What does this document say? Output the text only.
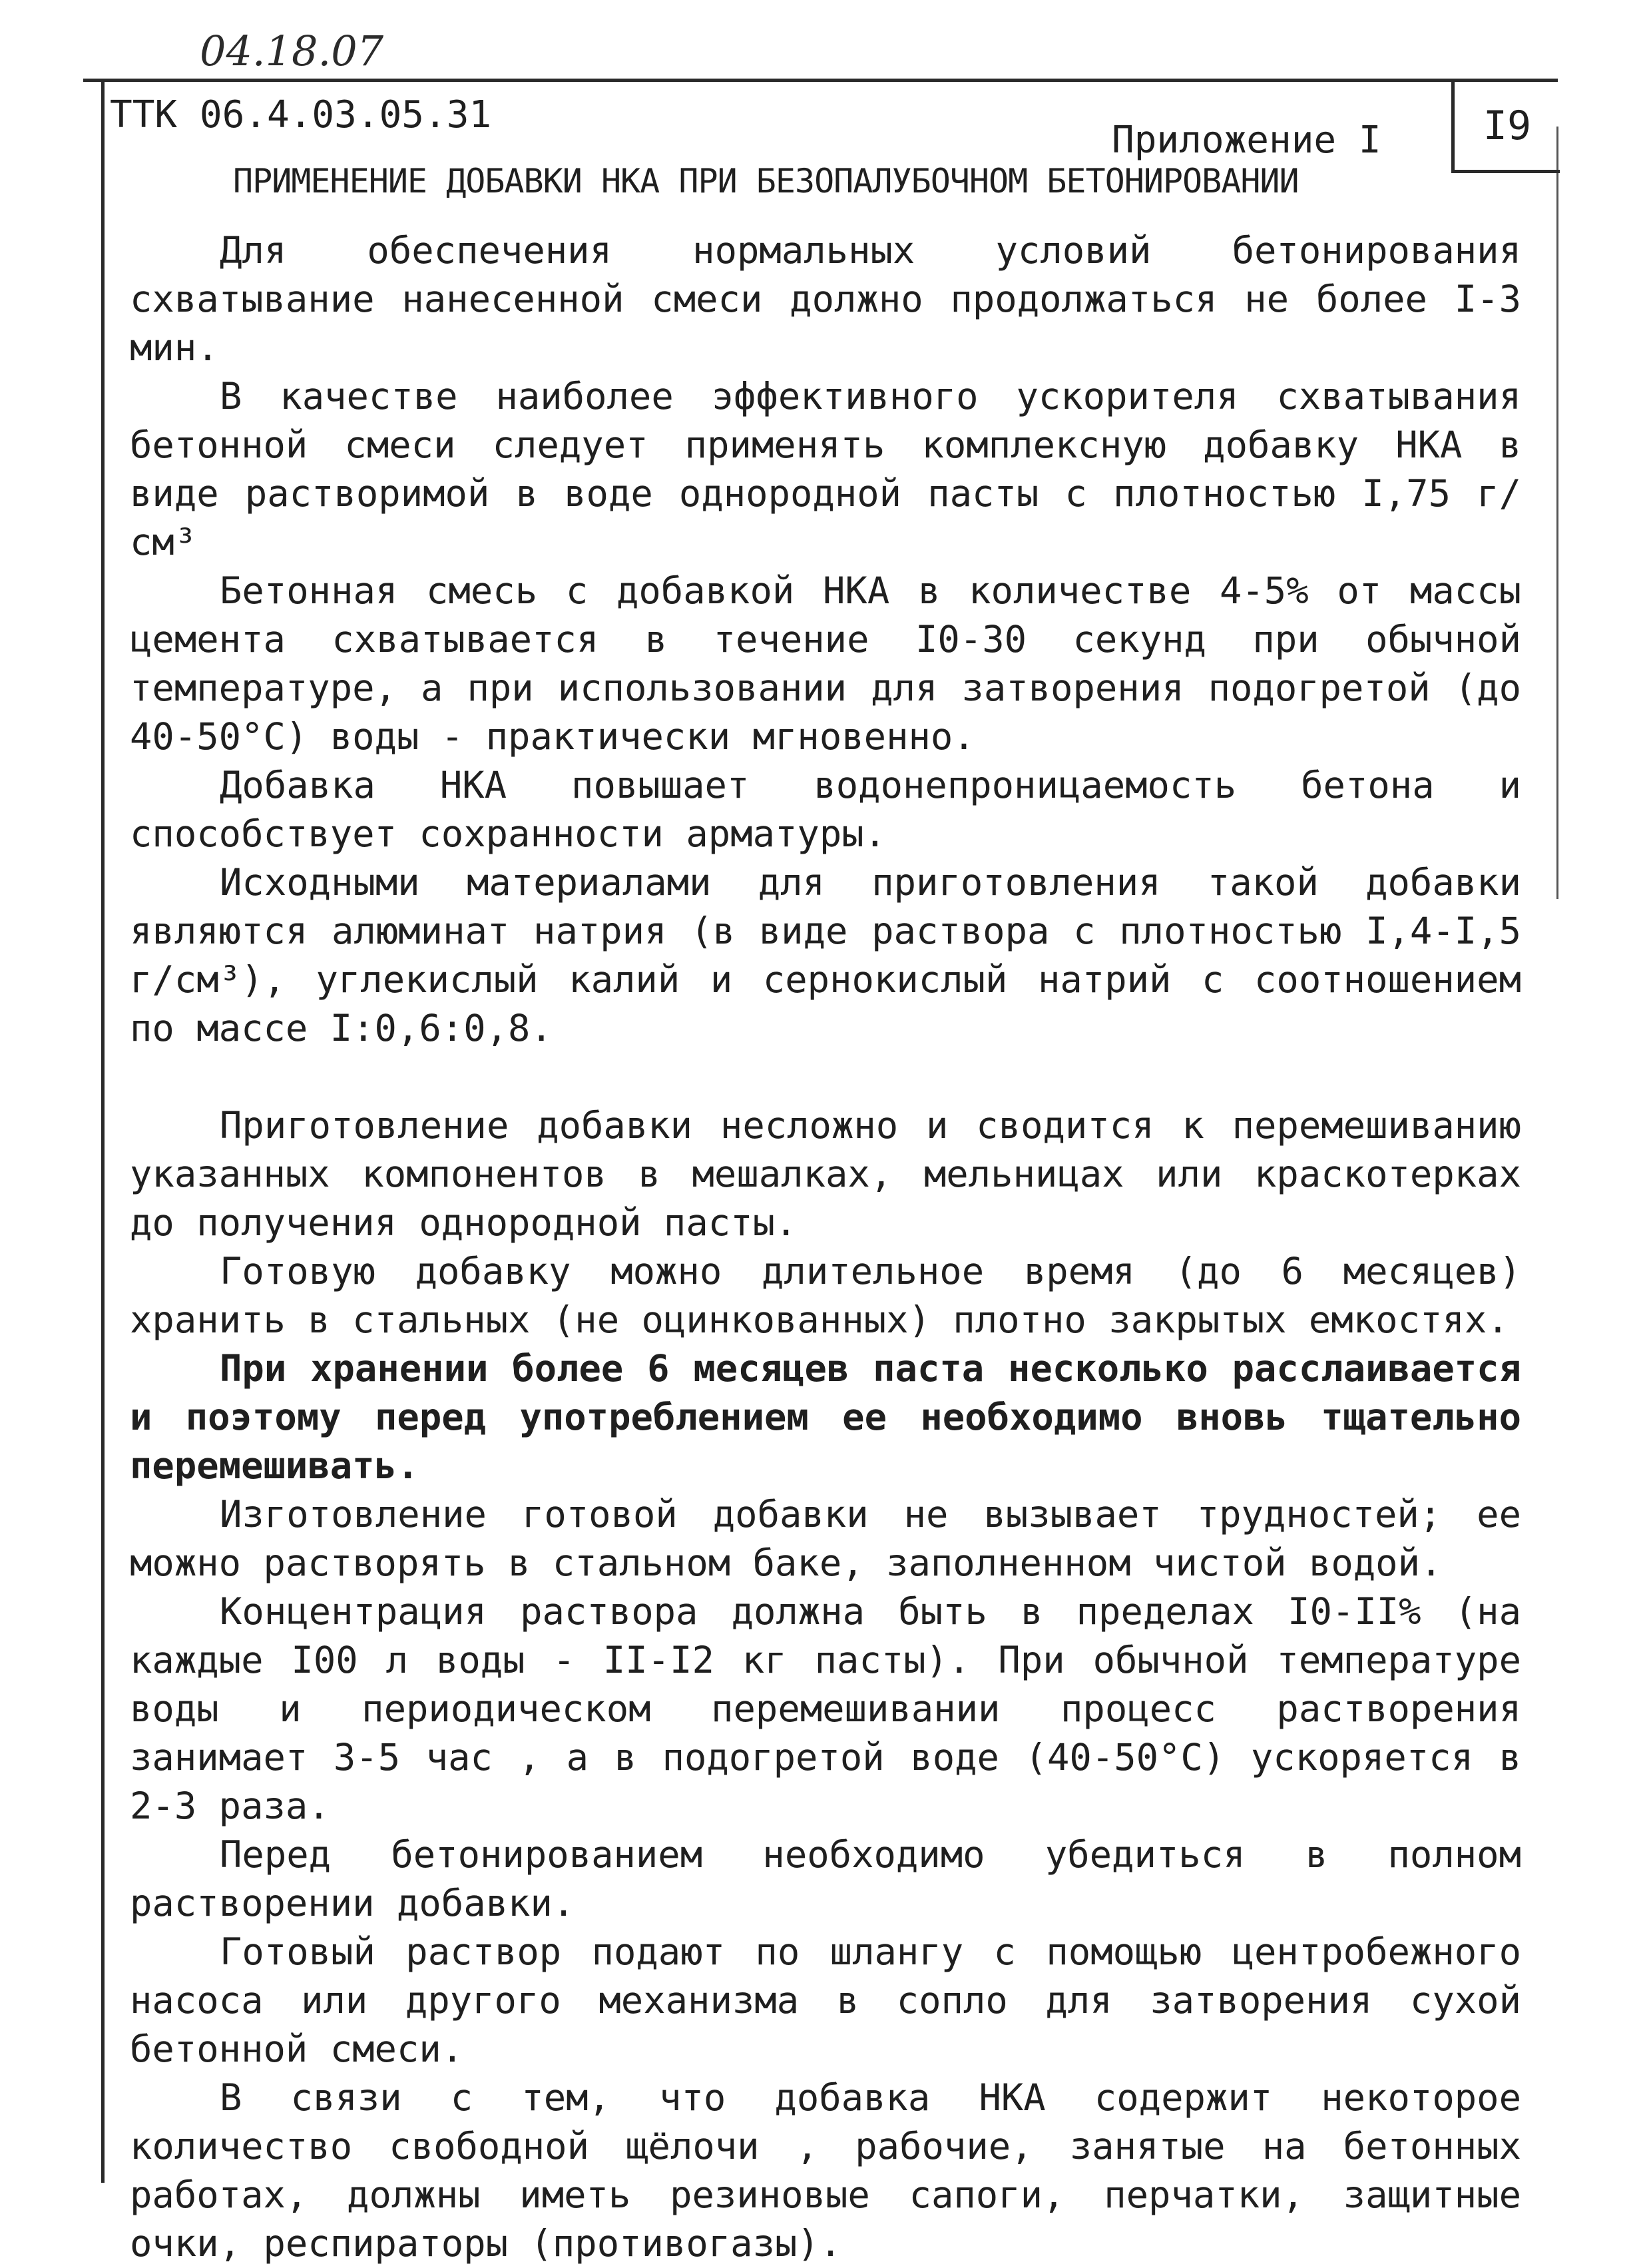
04.18.07
ТТК 06.4.03.05.31
Приложение I	I9
ПРИМЕНЕНИЕ ДОБАВКИ НКА ПРИ БЕЗОПАЛУБОЧНОМ БЕТОНИРОВАНИИ

Для обеспечения нормальных условий бетонирования схватывание нанесенной смеси должно продолжаться не более I-3 мин.

В качестве наиболее эффективного ускорителя схватывания бетонной смеси следует применять комплексную добавку НКА в виде растворимой в воде однородной пасты с плотностью I,75 г/см³

Бетонная смесь с добавкой НКА в количестве 4-5% от массы цемента схватывается в течение I0-30 секунд при обычной температуре, а при использовании для затворения подогретой (до 40-50°С) воды - практически мгновенно.

Добавка НКА повышает водонепроницаемость бетона и способствует сохранности арматуры.

Исходными материалами для приготовления такой добавки являются алюминат натрия (в виде раствора с плотностью I,4-I,5 г/см³), углекислый калий и сернокислый натрий с соотношением по массе I:0,6:0,8.

Приготовление добавки несложно и сводится к перемешиванию указанных компонентов в мешалках, мельницах или краскотерках до получения однородной пасты.

Готовую добавку можно длительное время (до 6 месяцев) хранить в стальных (не оцинкованных) плотно закрытых емкостях.

При хранении более 6 месяцев паста несколько расслаивается и поэтому перед употреблением ее необходимо вновь тщательно перемешивать.

Изготовление готовой добавки не вызывает трудностей; ее можно растворять в стальном баке, заполненном чистой водой.

Концентрация раствора должна быть в пределах I0-II% (на каждые I00 л воды - II-I2 кг пасты). При обычной температуре воды и периодическом перемешивании процесс растворения занимает 3-5 час , а в подогретой воде (40-50°С) ускоряется в 2-3 раза.

Перед бетонированием необходимо убедиться в полном растворении добавки.

Готовый раствор подают по шлангу с помощью центробежного насоса или другого механизма в сопло для затворения сухой бетонной смеси.

В связи с тем, что добавка НКА содержит некоторое количество свободной щёлочи , рабочие, занятые на бетонных работах, должны иметь резиновые сапоги, перчатки, защитные очки, респираторы (противогазы).
